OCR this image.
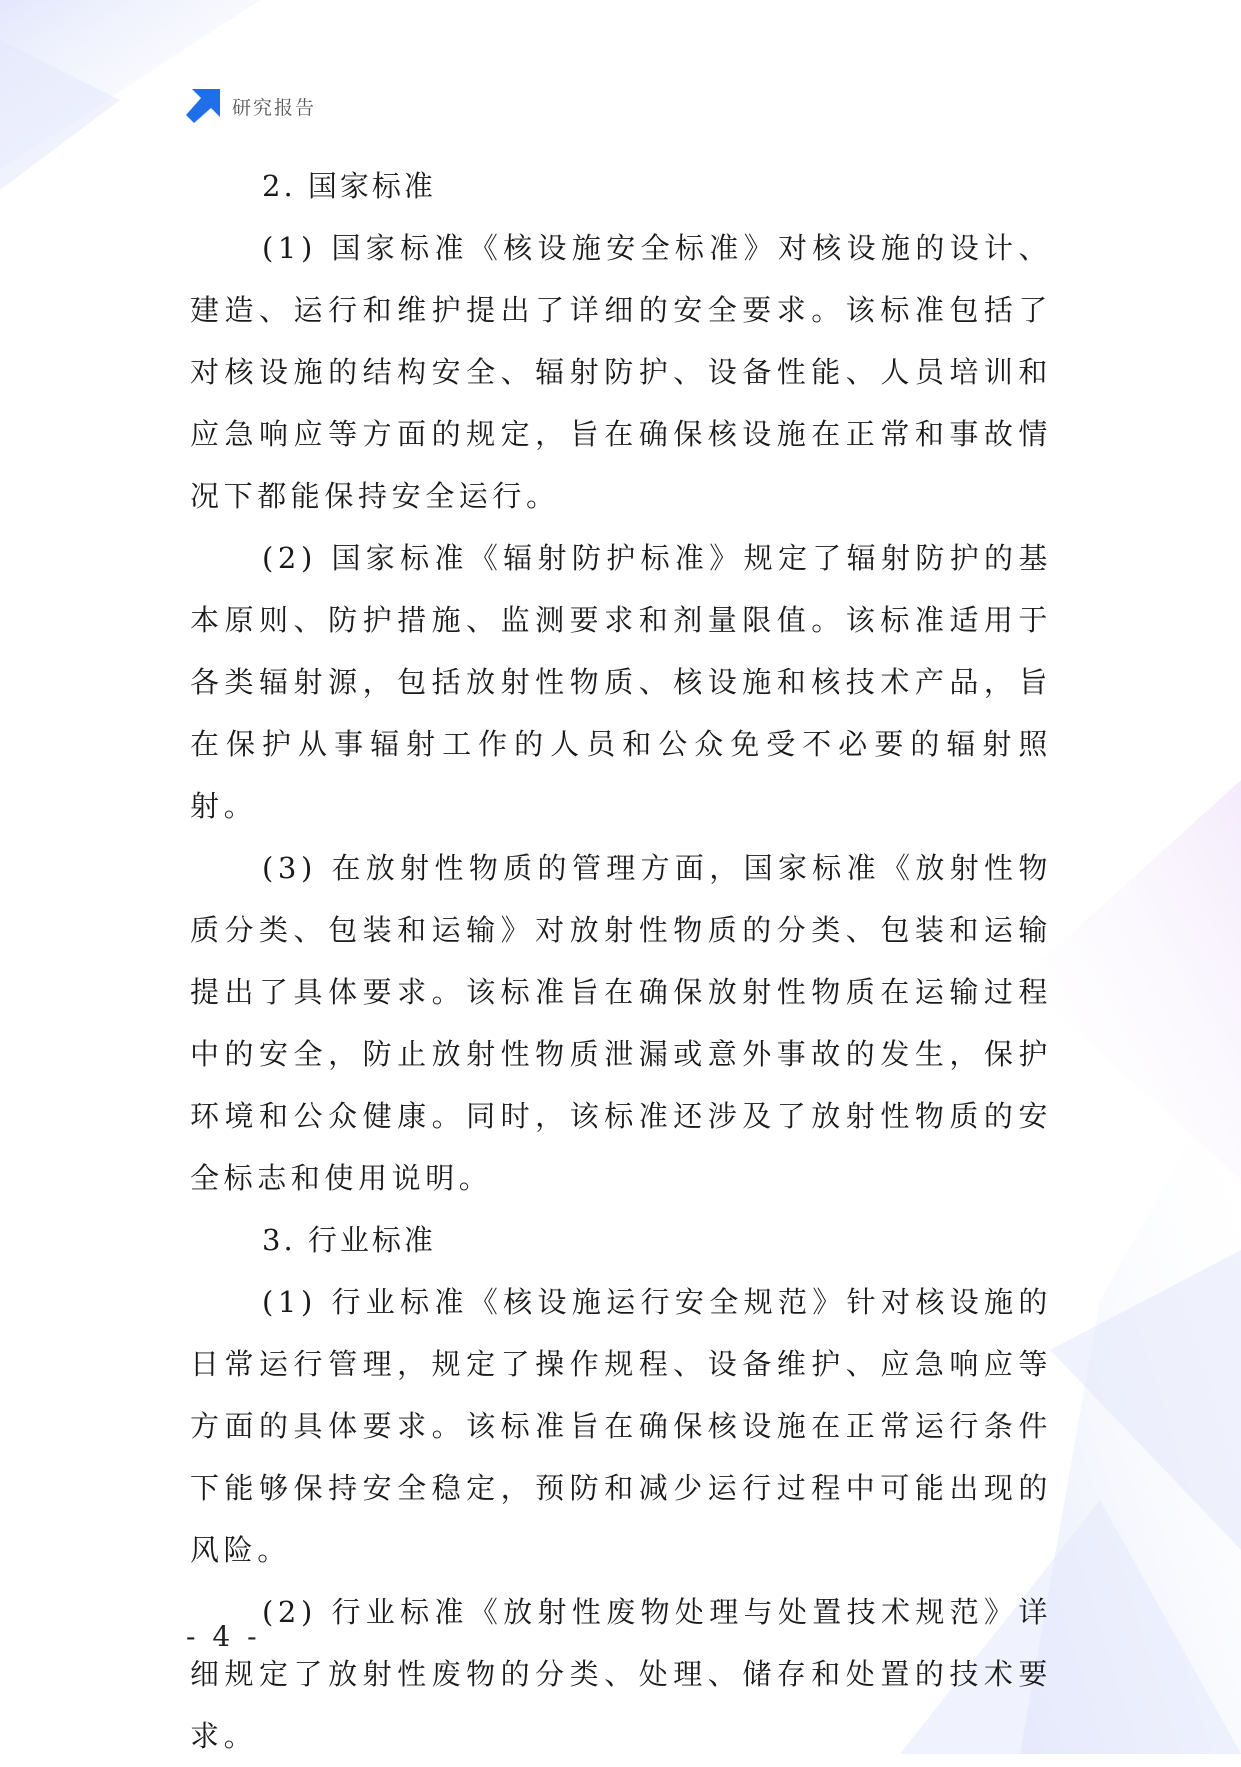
研究报告
2. 国家标准

(1) 国家标准《核设施安全标准》对核设施的设计、建造、运行和维护提出了详细的安全要求。该标准包括了对核设施的结构安全、辐射防护、设备性能、人员培训和应急响应等方面的规定，旨在确保核设施在正常和事故情况下都能保持安全运行。

(2) 国家标准《辐射防护标准》规定了辐射防护的基本原则、防护措施、监测要求和剂量限值。该标准适用于各类辐射源，包括放射性物质、核设施和核技术产品，旨在保护从事辐射工作的人员和公众免受不必要的辐射照射。

(3) 在放射性物质的管理方面，国家标准《放射性物质分类、包装和运输》对放射性物质的分类、包装和运输提出了具体要求。该标准旨在确保放射性物质在运输过程中的安全，防止放射性物质泄漏或意外事故的发生，保护环境和公众健康。同时，该标准还涉及了放射性物质的安全标志和使用说明。

3. 行业标准

(1) 行业标准《核设施运行安全规范》针对核设施的日常运行管理，规定了操作规程、设备维护、应急响应等方面的具体要求。该标准旨在确保核设施在正常运行条件下能够保持安全稳定，预防和减少运行过程中可能出现的风险。

(2) 行业标准《放射性废物处理与处置技术规范》详细规定了放射性废物的分类、处理、储存和处置的技术要求。

- 4 -
